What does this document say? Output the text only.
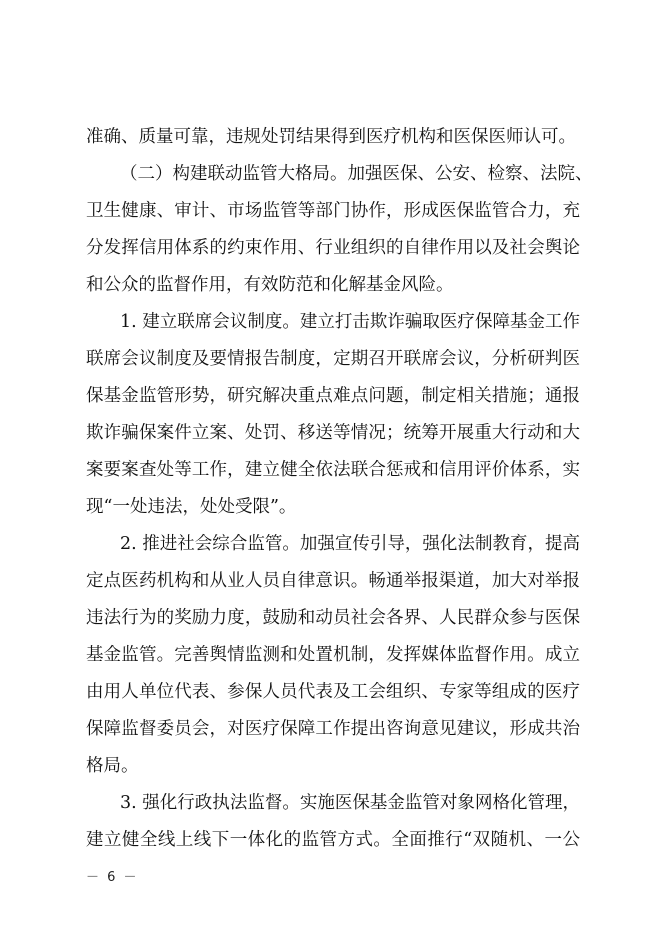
准确、质量可靠，违规处罚结果得到医疗机构和医保医师认可。
（二）构建联动监管大格局。加强医保、公安、检察、法院、
卫生健康、审计、市场监管等部门协作，形成医保监管合力，充
分发挥信用体系的约束作用、行业组织的自律作用以及社会舆论
和公众的监督作用，有效防范和化解基金风险。
1. 建立联席会议制度。建立打击欺诈骗取医疗保障基金工作
联席会议制度及要情报告制度，定期召开联席会议，分析研判医
保基金监管形势，研究解决重点难点问题，制定相关措施；通报
欺诈骗保案件立案、处罚、移送等情况；统筹开展重大行动和大
案要案查处等工作，建立健全依法联合惩戒和信用评价体系，实
现“一处违法，处处受限”。
2. 推进社会综合监管。加强宣传引导，强化法制教育，提高
定点医药机构和从业人员自律意识。畅通举报渠道，加大对举报
违法行为的奖励力度，鼓励和动员社会各界、人民群众参与医保
基金监管。完善舆情监测和处置机制，发挥媒体监督作用。成立
由用人单位代表、参保人员代表及工会组织、专家等组成的医疗
保障监督委员会，对医疗保障工作提出咨询意见建议，形成共治
格局。
3. 强化行政执法监督。实施医保基金监管对象网格化管理，
建立健全线上线下一体化的监管方式。全面推行“双随机、一公
－ 6 －
